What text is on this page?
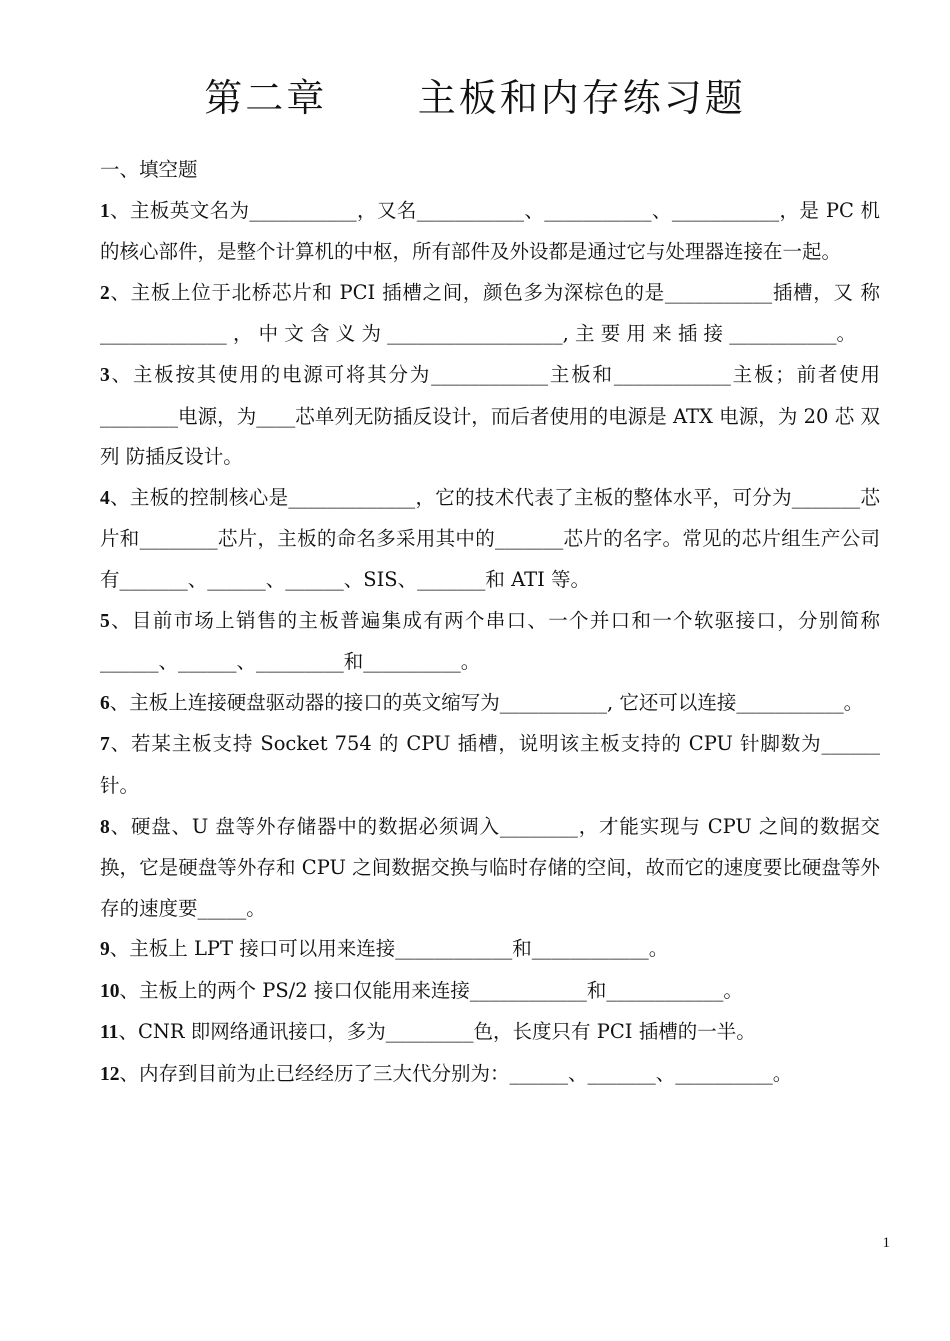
第二章      主板和内存练习题

一、填空题

1、主板英文名为___________，又名___________、___________、___________，是 PC 机的核心部件，是整个计算机的中枢，所有部件及外设都是通过它与处理器连接在一起。

2、主板上位于北桥芯片和 PCI 插槽之间，颜色多为深棕色的是___________插槽，又 称 _____________ ， 中 文 含 义 为 __________________, 主 要 用 来 插 接 ___________。

3、主板按其使用的电源可将其分为____________主板和____________主板；前者使用________电源，为____芯单列无防插反设计，而后者使用的电源是 ATX 电源，为 20 芯 双列 防插反设计。

4、主板的控制核心是_____________，它的技术代表了主板的整体水平，可分为_______芯片和________芯片，主板的命名多采用其中的_______芯片的名字。常见的芯片组生产公司有_______、______、______、SIS、_______和 ATI 等。

5、目前市场上销售的主板普遍集成有两个串口、一个并口和一个软驱接口，分别简称______、______、_________和__________。

6、主板上连接硬盘驱动器的接口的英文缩写为___________, 它还可以连接___________。

7、若某主板支持 Socket 754 的 CPU 插槽，说明该主板支持的 CPU 针脚数为______针。

8、硬盘、U 盘等外存储器中的数据必须调入________，才能实现与 CPU 之间的数据交换，它是硬盘等外存和 CPU 之间数据交换与临时存储的空间，故而它的速度要比硬盘等外存的速度要_____。

9、主板上 LPT 接口可以用来连接____________和____________。

10、主板上的两个 PS/2 接口仅能用来连接____________和____________。

11、CNR 即网络通讯接口，多为_________色，长度只有 PCI 插槽的一半。

12、内存到目前为止已经经历了三大代分别为：______、_______、__________。

1
